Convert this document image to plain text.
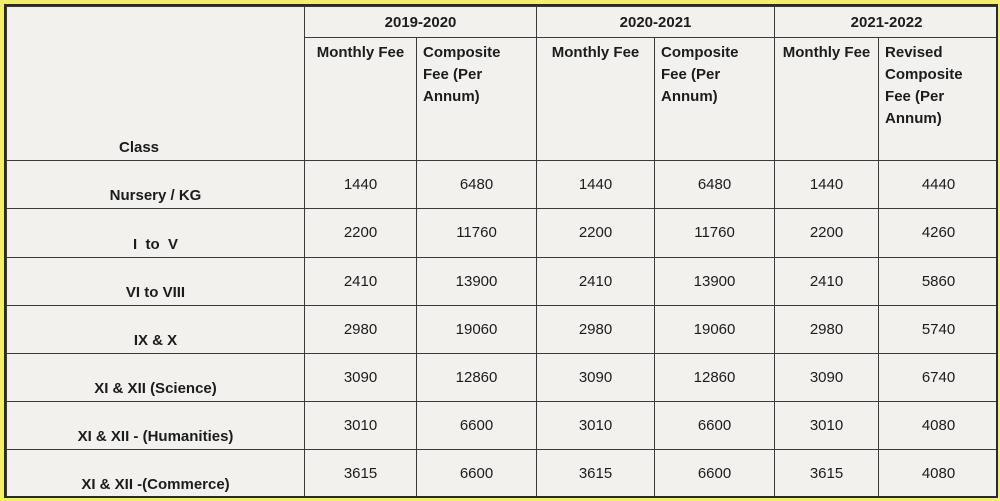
Class	2019-2020		2020-2021		2021-2022	
	Monthly Fee	Composite Fee (Per Annum)	Monthly Fee	Composite Fee (Per Annum)	Monthly Fee	Revised Composite Fee (Per Annum)
Nursery / KG	1440	6480	1440	6480	1440	4440
I  to  V	2200	11760	2200	11760	2200	4260
VI to VIII	2410	13900	2410	13900	2410	5860
IX & X	2980	19060	2980	19060	2980	5740
XI & XII (Science)	3090	12860	3090	12860	3090	6740
XI & XII - (Humanities)	3010	6600	3010	6600	3010	4080
XI & XII -(Commerce)	3615	6600	3615	6600	3615	4080
